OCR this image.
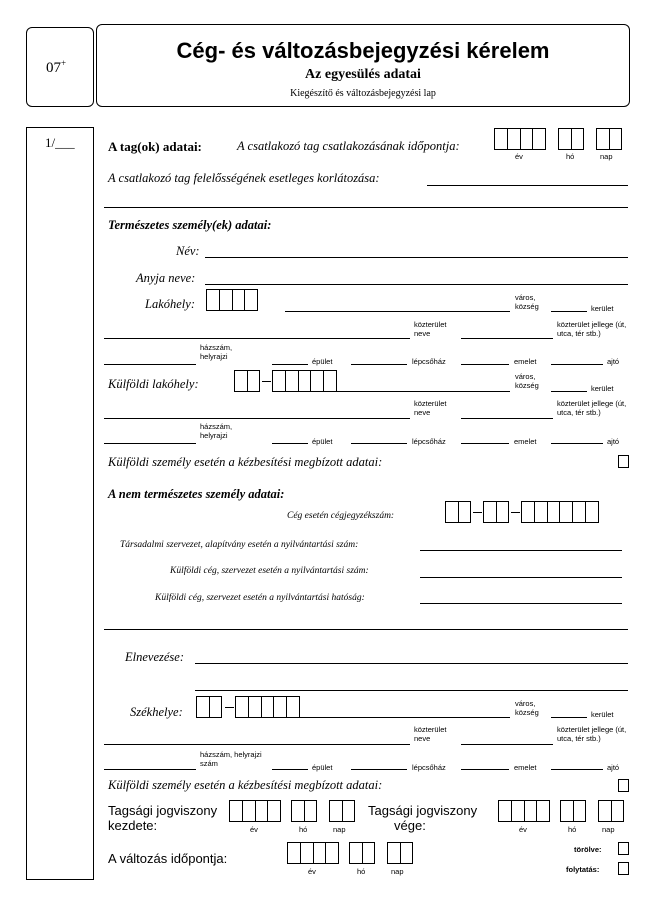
07+	Cég- és változásbejegyzési kérelem
Az egyesülés adatai
Kiegészítő és változásbejegyzési lap
1/___	A tag(ok) adatai:	A csatlakozó tag csatlakozásának időpontja:
év	hó	nap
A csatlakozó tag felelősségének esetleges korlátozása:
Természetes személy(ek) adatai:
Név:
Anyja neve:
Lakóhely:	város, község	kerület
közterület neve
közterület jellege (út, utca, tér stb.)
házszám, helyrajzi
épület	lépcsőház	emelet	ajtó
Külföldi lakóhely:
város, község	kerület
közterület neve
közterület jellege (út, utca, tér stb.)
házszám, helyrajzi
épület	lépcsőház	emelet	ajtó
Külföldi személy esetén a kézbesítési megbízott adatai:
A nem természetes személy adatai:
Cég esetén cégjegyzékszám:
Társadalmi szervezet, alapítvány esetén a nyilvántartási szám:
Külföldi cég, szervezet esetén a nyilvántartási szám:
Külföldi cég, szervezet esetén a nyilvántartási hatóság:
Elnevezése:
Székhelye:
város, község	kerület
közterület neve
közterület jellege (út, utca, tér stb.)
házszám, helyrajzi szám	épület	lépcsőház	emelet	ajtó
Külföldi személy esetén a kézbesítési megbízott adatai:
Tagsági jogviszony
kezdete:	év	hó	nap
Tagsági jogviszony
vége:	év	hó	nap
A változás időpontja:
év	hó	nap
törölve:
folytatás:
